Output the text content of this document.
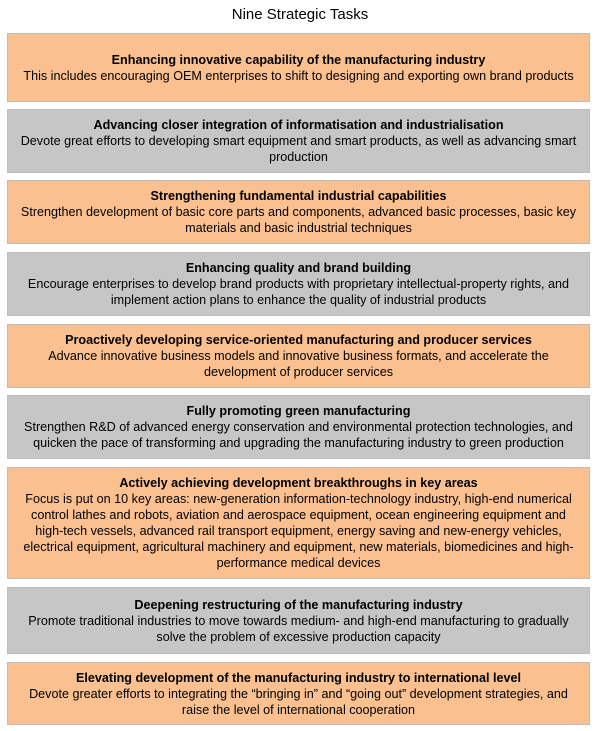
Nine Strategic Tasks
Enhancing innovative capability of the manufacturing industry
This includes encouraging OEM enterprises to shift to designing and exporting own brand products
Advancing closer integration of informatisation and industrialisation
Devote great efforts to developing smart equipment and smart products, as well as advancing smart production
Strengthening fundamental industrial capabilities
Strengthen development of basic core parts and components, advanced basic processes, basic key materials and basic industrial techniques
Enhancing quality and brand building
Encourage enterprises to develop brand products with proprietary intellectual-property rights, and implement action plans to enhance the quality of industrial products
Proactively developing service-oriented manufacturing and producer services
Advance innovative business models and innovative business formats, and accelerate the development of producer services
Fully promoting green manufacturing
Strengthen R&D of advanced energy conservation and environmental protection technologies, and quicken the pace of transforming and upgrading the manufacturing industry to green production
Actively achieving development breakthroughs in key areas
Focus is put on 10 key areas: new-generation information-technology industry, high-end numerical control lathes and robots, aviation and aerospace equipment, ocean engineering equipment and high-tech vessels, advanced rail transport equipment, energy saving and new-energy vehicles, electrical equipment, agricultural machinery and equipment, new materials, biomedicines and high-performance medical devices
Deepening restructuring of the manufacturing industry
Promote traditional industries to move towards medium- and high-end manufacturing to gradually solve the problem of excessive production capacity
Elevating development of the manufacturing industry to international level
Devote greater efforts to integrating the “bringing in” and “going out” development strategies, and raise the level of international cooperation
